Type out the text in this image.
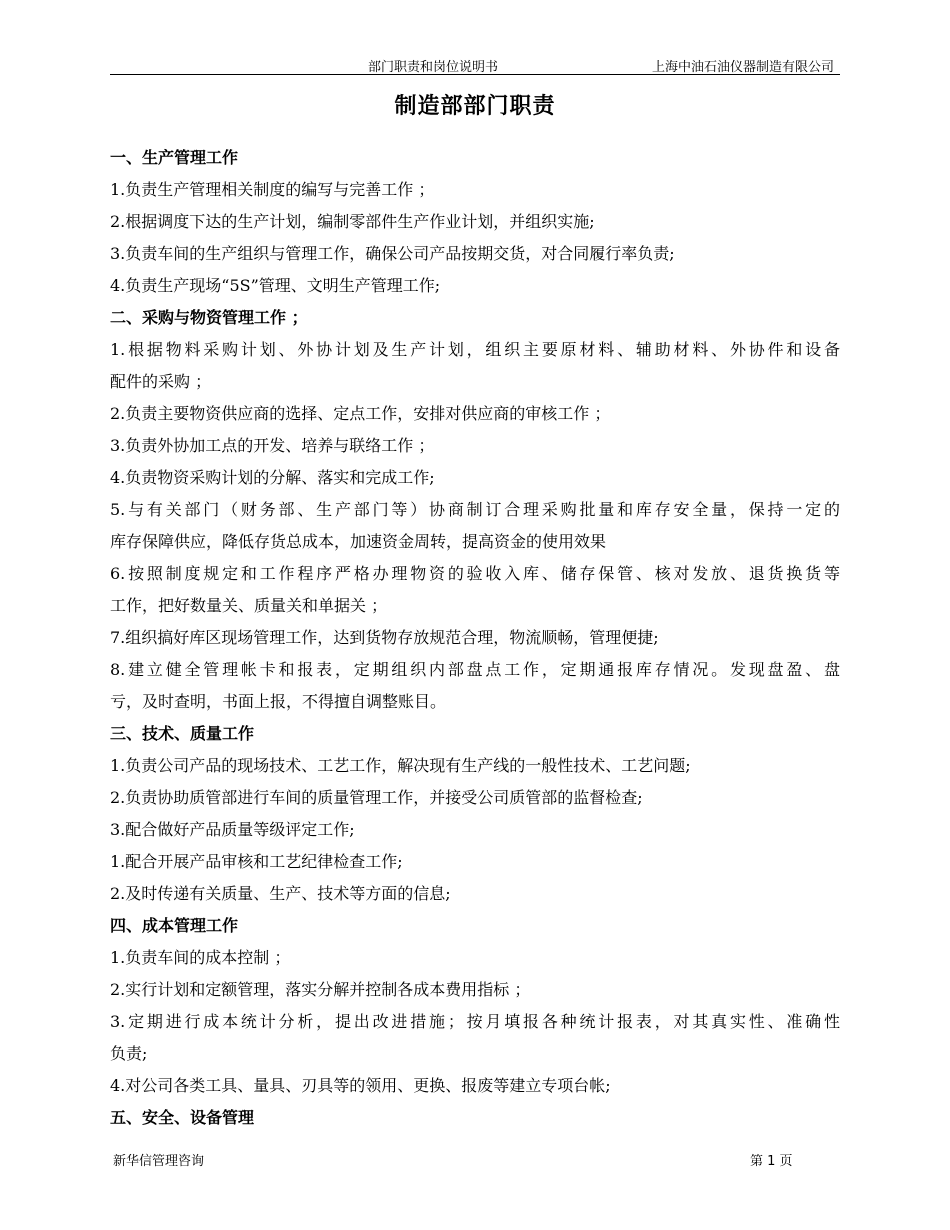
部门职责和岗位说明书	上海中油石油仪器制造有限公司
制造部部门职责
一、生产管理工作
1.负责生产管理相关制度的编写与完善工作 ；
2.根据调度下达的生产计划，编制零部件生产作业计划，并组织实施;
3.负责车间的生产组织与管理工作，确保公司产品按期交货，对合同履行率负责;
4.负责生产现场“5S”管理、文明生产管理工作;
二、采购与物资管理工作 ；
1.根据物料采购计划、外协计划及生产计划，组织主要原材料、辅助材料、外协件和设备
配件的采购 ；
2.负责主要物资供应商的选择、定点工作，安排对供应商的审核工作 ；
3.负责外协加工点的开发、培养与联络工作 ；
4.负责物资采购计划的分解、落实和完成工作;
5.与有关部门（财务部、生产部门等）协商制订合理采购批量和库存安全量，保持一定的
库存保障供应，降低存货总成本，加速资金周转，提高资金的使用效果
6.按照制度规定和工作程序严格办理物资的验收入库、储存保管、核对发放、退货换货等
工作，把好数量关、质量关和单据关 ；
7.组织搞好库区现场管理工作，达到货物存放规范合理，物流顺畅，管理便捷;
8.建立健全管理帐卡和报表，定期组织内部盘点工作，定期通报库存情况。发现盘盈、盘
亏，及时查明，书面上报，不得擅自调整账目。
三、技术、质量工作
1.负责公司产品的现场技术、工艺工作，解决现有生产线的一般性技术、工艺问题;
2.负责协助质管部进行车间的质量管理工作，并接受公司质管部的监督检查;
3.配合做好产品质量等级评定工作;
1.配合开展产品审核和工艺纪律检查工作;
2.及时传递有关质量、生产、技术等方面的信息;
四、成本管理工作
1.负责车间的成本控制 ；
2.实行计划和定额管理，落实分解并控制各成本费用指标 ；
3.定期进行成本统计分析，提出改进措施；按月填报各种统计报表，对其真实性、准确性
负责;
4.对公司各类工具、量具、刃具等的领用、更换、报废等建立专项台帐;
五、安全、设备管理
新华信管理咨询	第 1 页
